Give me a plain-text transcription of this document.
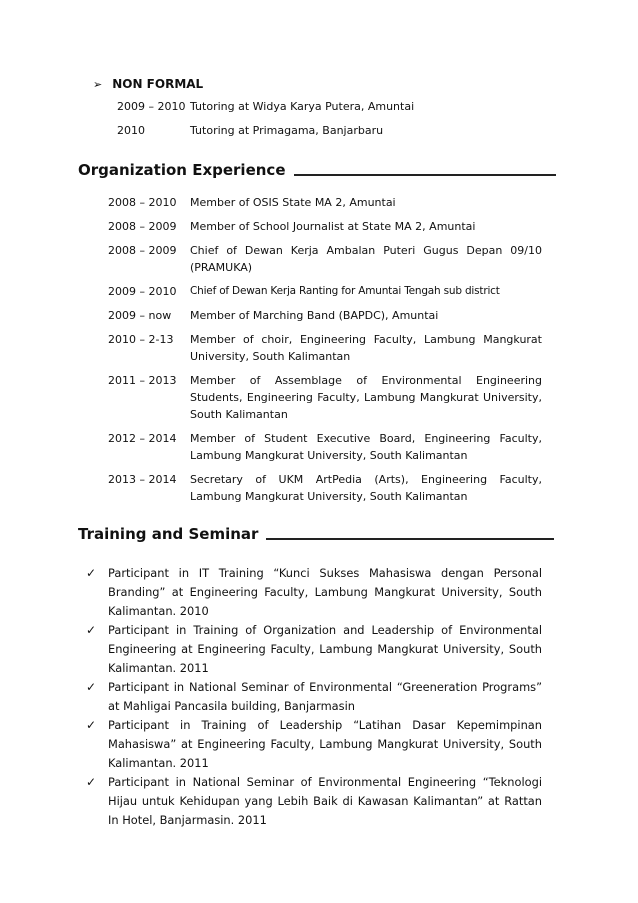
➢ NON FORMAL
2009 – 2010 Tutoring at Widya Karya Putera, Amuntai
2010	Tutoring at Primagama, Banjarbaru
Organization Experience
2008 – 2010	Member of OSIS State MA 2, Amuntai
2008 – 2009	Member of School Journalist at State MA 2, Amuntai
2008 – 2009	Chief of Dewan Kerja Ambalan Puteri Gugus Depan 09/10 (PRAMUKA)
2009 – 2010	Chief of Dewan Kerja Ranting for Amuntai Tengah sub district
2009 – now	Member of Marching Band (BAPDC), Amuntai
2010 – 2-13	Member of choir, Engineering Faculty, Lambung Mangkurat University, South Kalimantan
2011 – 2013	Member of Assemblage of Environmental Engineering Students, Engineering Faculty, Lambung Mangkurat University, South Kalimantan
2012 – 2014	Member of Student Executive Board, Engineering Faculty, Lambung Mangkurat University, South Kalimantan
2013 – 2014	Secretary of UKM ArtPedia (Arts), Engineering Faculty, Lambung Mangkurat University, South Kalimantan
Training and Seminar
✓	Participant in IT Training “Kunci Sukses Mahasiswa dengan Personal Branding” at Engineering Faculty, Lambung Mangkurat University, South Kalimantan. 2010
✓	Participant in Training of Organization and Leadership of Environmental Engineering at Engineering Faculty, Lambung Mangkurat University, South Kalimantan. 2011
✓	Participant in National Seminar of Environmental “Greeneration Programs” at Mahligai Pancasila building, Banjarmasin
✓	Participant in Training of Leadership “Latihan Dasar Kepemimpinan Mahasiswa” at Engineering Faculty, Lambung Mangkurat University, South Kalimantan. 2011
✓	Participant in National Seminar of Environmental Engineering “Teknologi Hijau untuk Kehidupan yang Lebih Baik di Kawasan Kalimantan” at Rattan In Hotel, Banjarmasin. 2011
